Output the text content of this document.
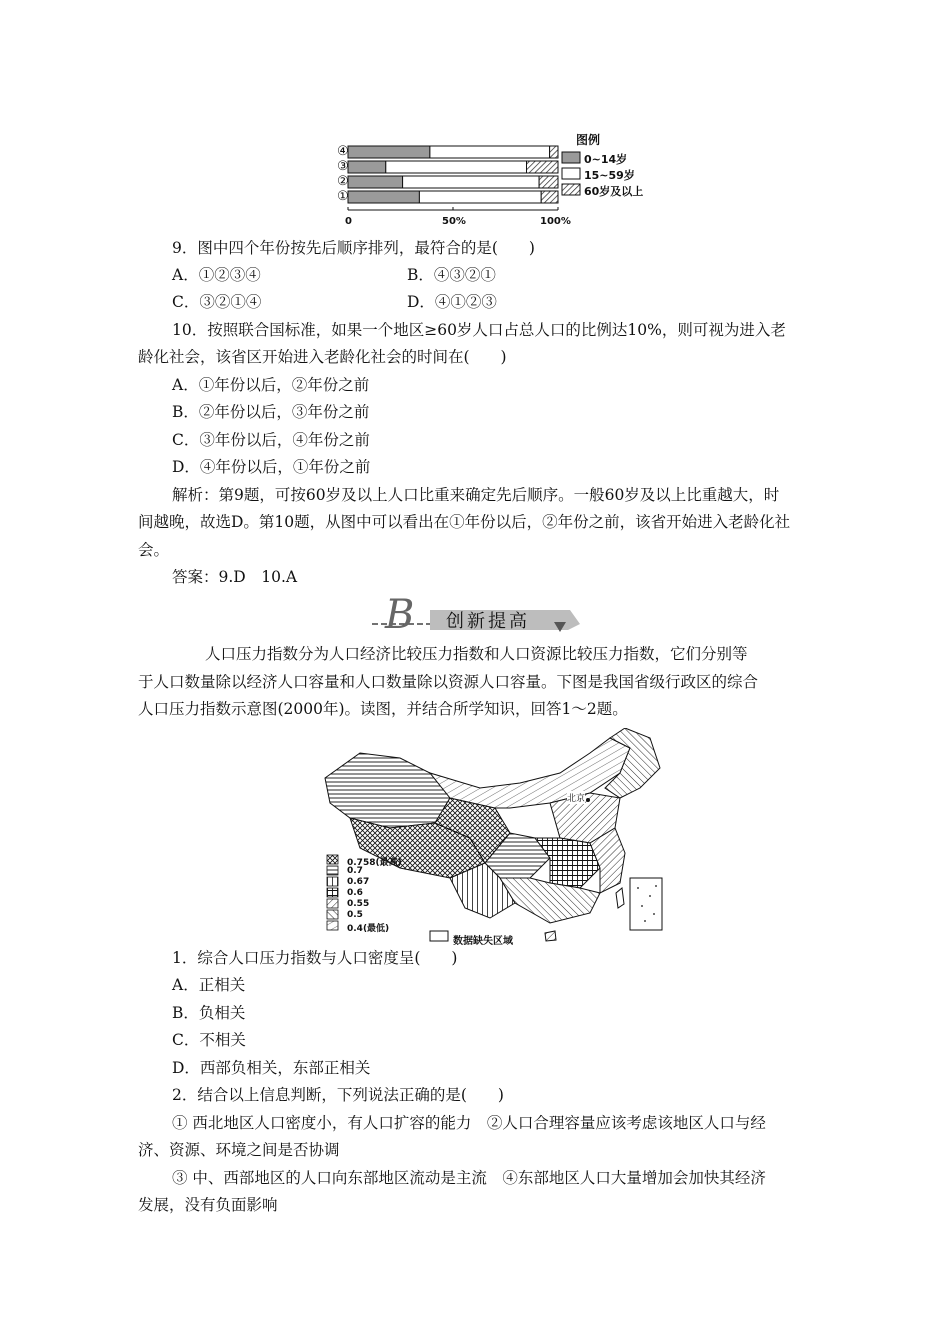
④
③
②
①
0	50%	100%
图例
0~14岁
15~59岁
60岁及以上
9．图中四个年份按先后顺序排列，最符合的是(　　)
A．①②③④	B．④③②①
C．③②①④	D．④①②③
10．按照联合国标准，如果一个地区≥60岁人口占总人口的比例达10%，则可视为进入老
龄化社会，该省区开始进入老龄化社会的时间在(　　)
A．①年份以后，②年份之前
B．②年份以后，③年份之前
C．③年份以后，④年份之前
D．④年份以后，①年份之前
解析：第9题，可按60岁及以上人口比重来确定先后顺序。一般60岁及以上比重越大，时
间越晚，故选D。第10题，从图中可以看出在①年份以后，②年份之前，该省开始进入老龄化社
会。
答案：9.D　10.A
B 创新提高
人口压力指数分为人口经济比较压力指数和人口资源比较压力指数，它们分别等
于人口数量除以经济人口容量和人口数量除以资源人口容量。下图是我国省级行政区的综合
人口压力指数示意图(2000年)。读图，并结合所学知识，回答1～2题。
北京
0.758(最高)
0.7
0.67
0.6
0.55
0.5
0.4(最低)
数据缺失区域
1．综合人口压力指数与人口密度呈(　　)
A．正相关
B．负相关
C．不相关
D．西部负相关，东部正相关
2．结合以上信息判断，下列说法正确的是(　　)
① 西北地区人口密度小，有人口扩容的能力　②人口合理容量应该考虑该地区人口与经
济、资源、环境之间是否协调
③ 中、西部地区的人口向东部地区流动是主流　④东部地区人口大量增加会加快其经济
发展，没有负面影响
